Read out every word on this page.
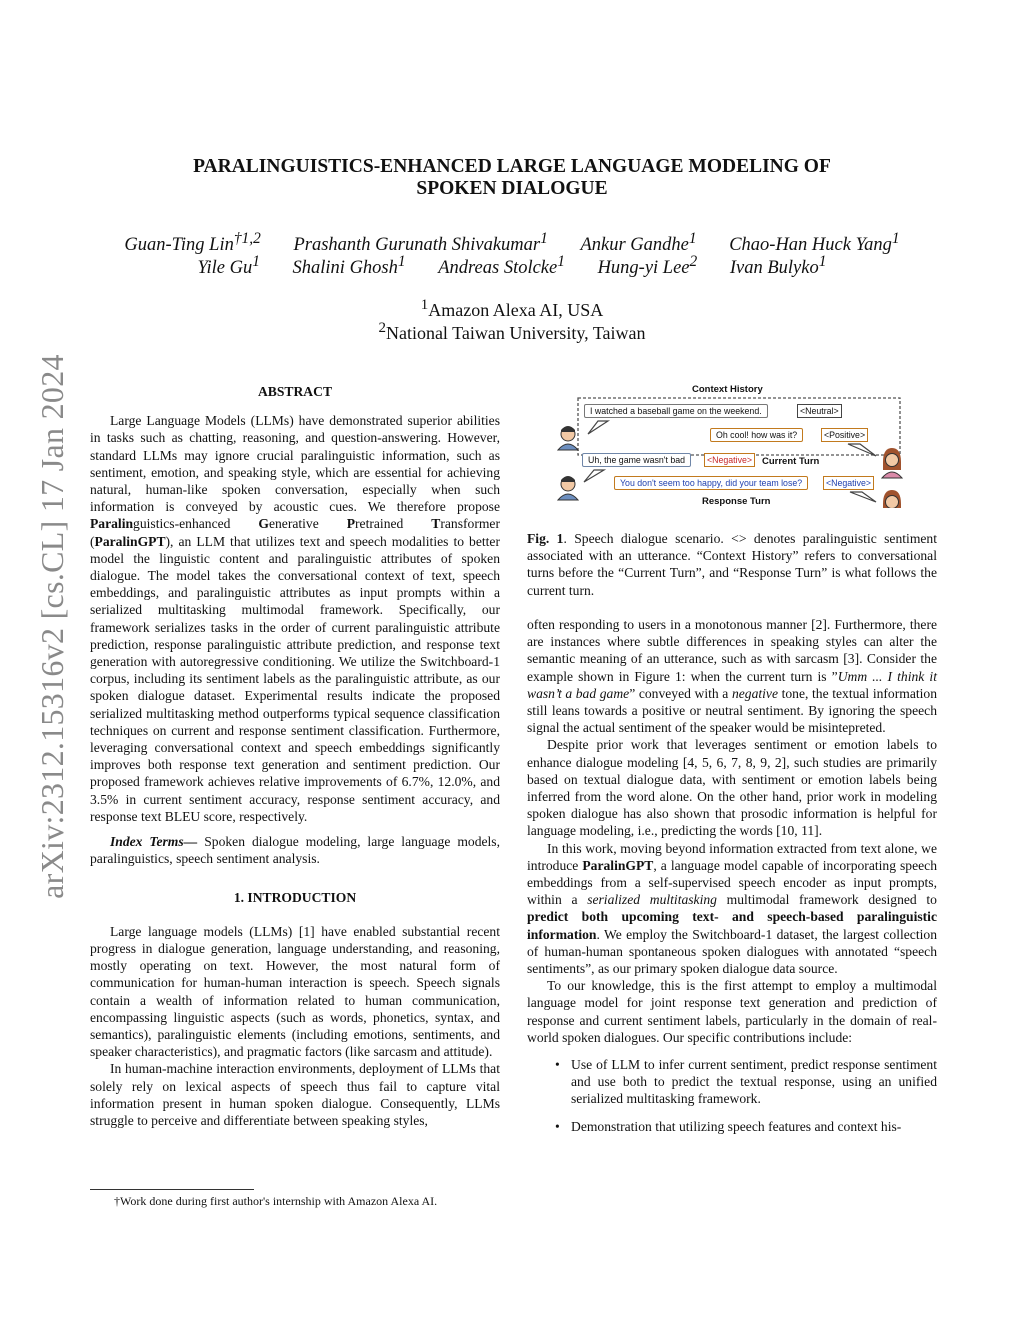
arXiv:2312.15316v2 [cs.CL] 17 Jan 2024
PARALINGUISTICS-ENHANCED LARGE LANGUAGE MODELING OF
SPOKEN DIALOGUE
Guan-Ting Lin$^{\dagger 1,2}$ Prashanth Gurunath Shivakumar$^1$ Ankur Gandhe$^1$ Chao-Han Huck Yang$^1$
Yile Gu$^1$ Shalini Ghosh$^1$ Andreas Stolcke$^1$ Hung-yi Lee$^2$ Ivan Bulyko$^1$
$^1$Amazon Alexa AI, USA
$^2$National Taiwan University, Taiwan
ABSTRACT

Large Language Models (LLMs) have demonstrated superior abilities in tasks such as chatting, reasoning, and question-answering. However, standard LLMs may ignore crucial paralinguistic information, such as sentiment, emotion, and speaking style, which are essential for achieving natural, human-like spoken conversation, especially when such information is conveyed by acoustic cues. We therefore propose Paralinguistics-enhanced Generative Pretrained Transformer (ParalinGPT), an LLM that utilizes text and speech modalities to better model the linguistic content and paralinguistic attributes of spoken dialogue. The model takes the conversational context of text, speech embeddings, and paralinguistic attributes as input prompts within a serialized multitasking multimodal framework. Specifically, our framework serializes tasks in the order of current paralinguistic attribute prediction, response paralinguistic attribute prediction, and response text generation with autoregressive conditioning. We utilize the Switchboard-1 corpus, including its sentiment labels as the paralinguistic attribute, as our spoken dialogue dataset. Experimental results indicate the proposed serialized multitasking method outperforms typical sequence classification techniques on current and response sentiment classification. Furthermore, leveraging conversational context and speech embeddings significantly improves both response text generation and sentiment prediction. Our proposed framework achieves relative improvements of 6.7%, 12.0%, and 3.5% in current sentiment accuracy, response sentiment accuracy, and response text BLEU score, respectively.

Index Terms— Spoken dialogue modeling, large language models, paralinguistics, speech sentiment analysis.

1. INTRODUCTION

Large language models (LLMs) [1] have enabled substantial recent progress in dialogue generation, language understanding, and reasoning, mostly operating on text. However, the most natural form of communication for human-human interaction is speech. Speech signals contain a wealth of information related to human communication, encompassing linguistic aspects (such as words, phonetics, syntax, and semantics), paralinguistic elements (including emotions, sentiments, and speaker characteristics), and pragmatic factors (like sarcasm and attitude).

In human-machine interaction environments, deployment of LLMs that solely rely on lexical aspects of speech thus fail to capture vital information present in human spoken dialogue. Consequently, LLMs struggle to perceive and differentiate between speaking styles,

†Work done during first author's internship with Amazon Alexa AI.
Context History
I watched a baseball game on the weekend.	<Neutral>
Oh cool! how was it?	<Positive>
Uh, the game wasn't bad	<Negative>	Current Turn
You don't seem too happy, did your team lose?	<Negative>
Response Turn
Fig. 1. Speech dialogue scenario. <> denotes paralinguistic sentiment associated with an utterance. “Context History” refers to conversational turns before the “Current Turn”, and “Response Turn” is what follows the current turn.

often responding to users in a monotonous manner [2]. Furthermore, there are instances where subtle differences in speaking styles can alter the semantic meaning of an utterance, such as with sarcasm [3]. Consider the example shown in Figure 1: when the current turn is ”Umm ... I think it wasn’t a bad game” conveyed with a negative tone, the textual information still leans towards a positive or neutral sentiment. By ignoring the speech signal the actual sentiment of the speaker would be misintepreted.

Despite prior work that leverages sentiment or emotion labels to enhance dialogue modeling [4, 5, 6, 7, 8, 9, 2], such studies are primarily based on textual dialogue data, with sentiment or emotion labels being inferred from the word alone. On the other hand, prior work in modeling spoken dialogue has also shown that prosodic information is helpful for language modeling, i.e., predicting the words [10, 11].

In this work, moving beyond information extracted from text alone, we introduce ParalinGPT, a language model capable of incorporating speech embeddings from a self-supervised speech encoder as input prompts, within a serialized multitasking multimodal framework designed to predict both upcoming text- and speech-based paralinguistic information. We employ the Switchboard-1 dataset, the largest collection of human-human spontaneous spoken dialogues with annotated “speech sentiments”, as our primary spoken dialogue data source.

To our knowledge, this is the first attempt to employ a multimodal language model for joint response text generation and prediction of response and current sentiment labels, particularly in the domain of real-world spoken dialogues. Our specific contributions include:

• Use of LLM to infer current sentiment, predict response sentiment and use both to predict the textual response, using an unified serialized multitasking framework.
• Demonstration that utilizing speech features and context his-
